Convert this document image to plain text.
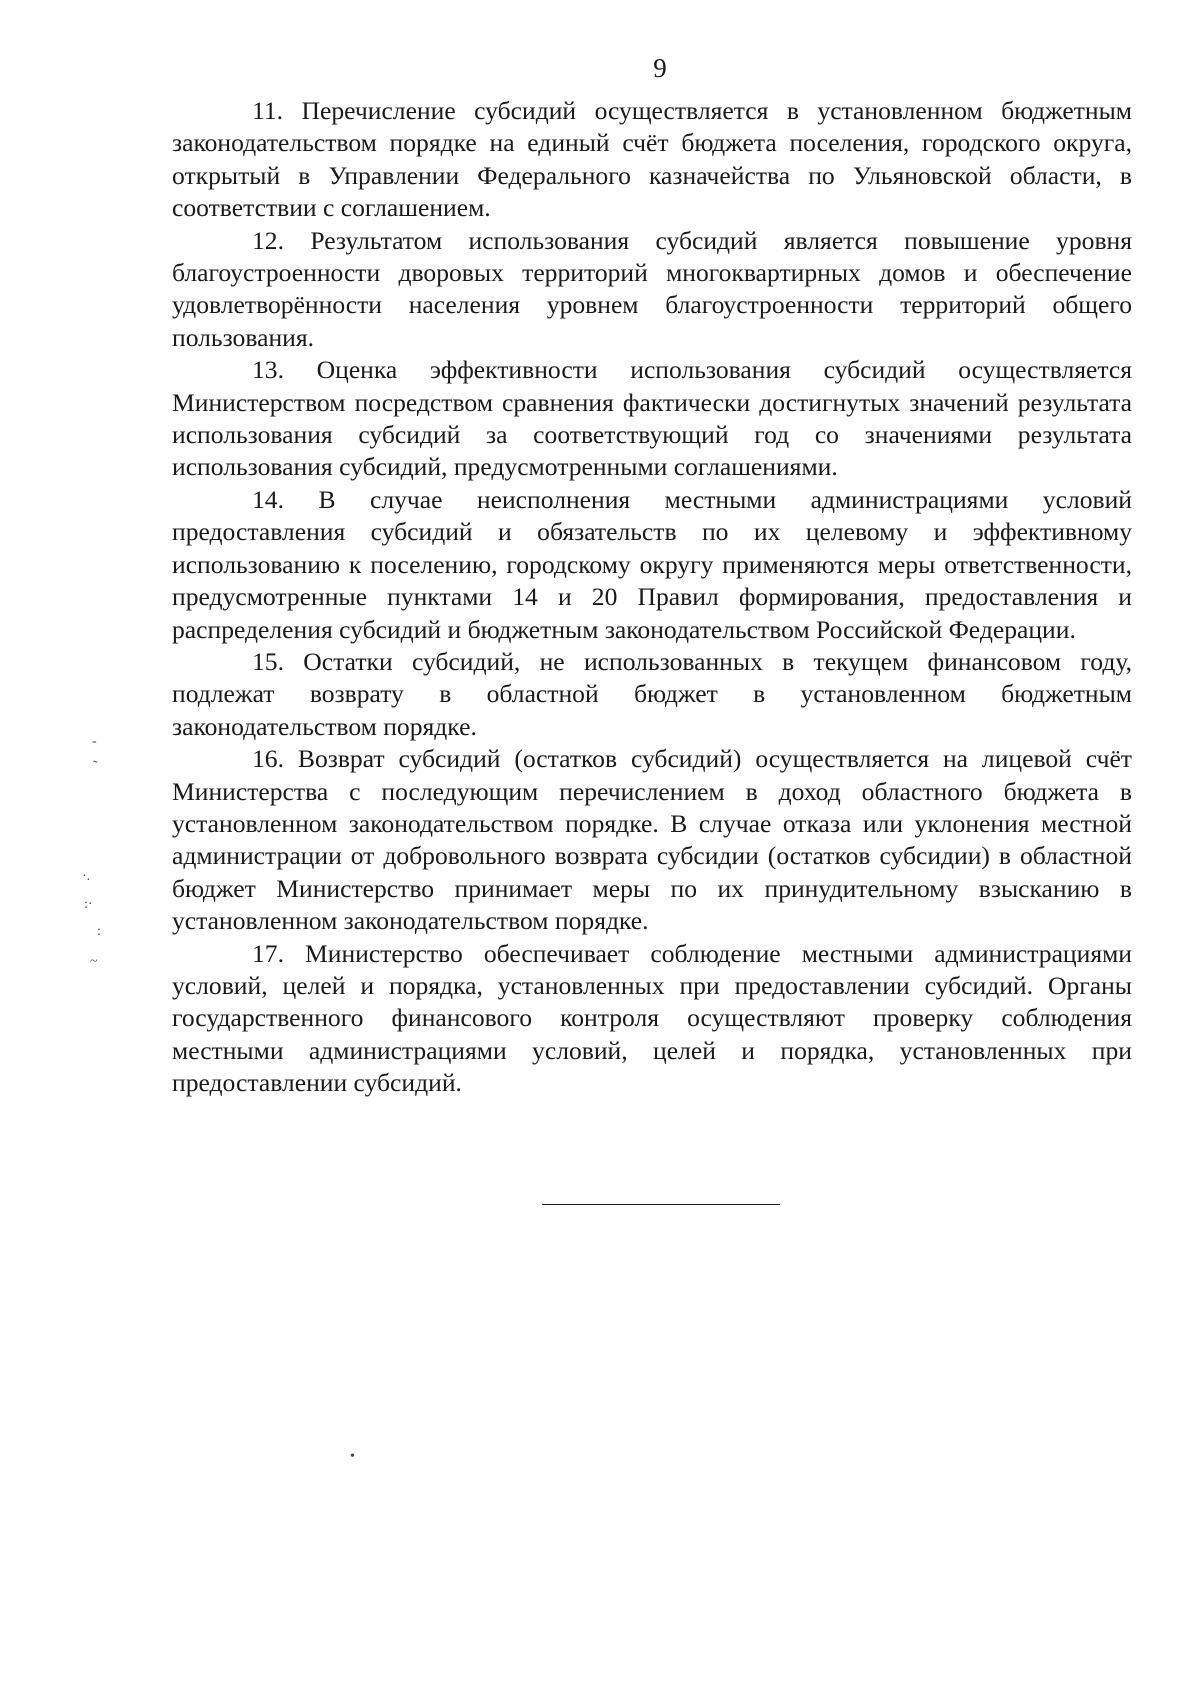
9

11. Перечисление субсидий осуществляется в установленном бюджетным законодательством порядке на единый счёт бюджета поселения, городского округа, открытый в Управлении Федерального казначейства по Ульяновской области, в соответствии с соглашением.

12. Результатом использования субсидий является повышение уровня благоустроенности дворовых территорий многоквартирных домов и обеспечение удовлетворённости населения уровнем благоустроенности территорий общего пользования.

13. Оценка эффективности использования субсидий осуществляется Министерством посредством сравнения фактически достигнутых значений результата использования субсидий за соответствующий год со значениями результата использования субсидий, предусмотренными соглашениями.

14. В случае неисполнения местными администрациями условий предоставления субсидий и обязательств по их целевому и эффективному использованию к поселению, городскому округу применяются меры ответственности, предусмотренные пунктами 14 и 20 Правил формирования, предоставления и распределения субсидий и бюджетным законодательством Российской Федерации.

15. Остатки субсидий, не использованных в текущем финансовом году, подлежат возврату в областной бюджет в установленном бюджетным законодательством порядке.

16. Возврат субсидий (остатков субсидий) осуществляется на лицевой счёт Министерства с последующим перечислением в доход областного бюджета в установленном законодательством порядке. В случае отказа или уклонения местной администрации от добровольного возврата субсидии (остатков субсидии) в областной бюджет Министерство принимает меры по их принудительному взысканию в установленном законодательством порядке.

17. Министерство обеспечивает соблюдение местными администрациями условий, целей и порядка, установленных при предоставлении субсидий. Органы государственного финансового контроля осуществляют проверку соблюдения местными администрациями условий, целей и порядка, установленных при предоставлении субсидий.

-
˜
·.
:·
:
~
•
